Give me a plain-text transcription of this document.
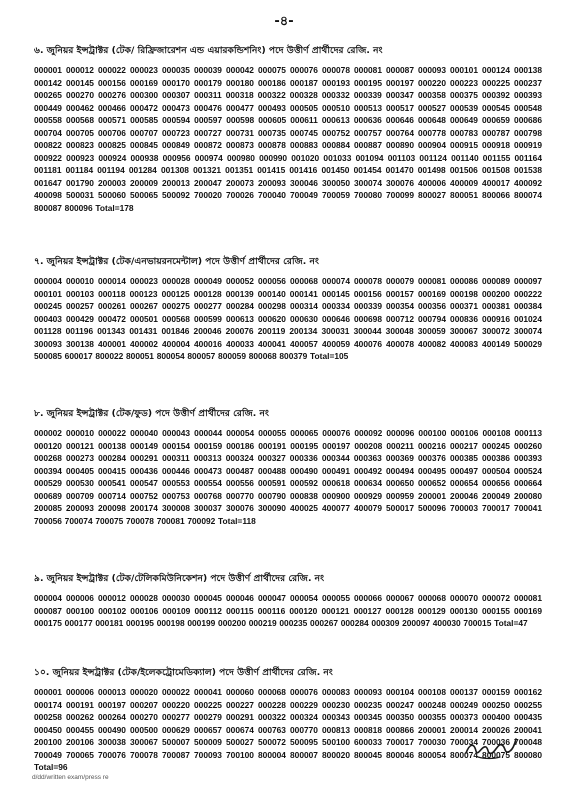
-৪-
৬. জুনিয়র ইন্সট্রাক্টর (টেক/ রিফ্রিজারেশন এন্ড এয়ারকন্ডিশনিং) পদে উত্তীর্ণ প্রার্থীদের রেজি. নং
000001 000012 000022 000023 000035 000039 000042 000075 000076 000078 000081 000087 000093 000101 000124 000138 000142 000145 000156 000169 000170 000179 000180 000186 000187 000193 000195 000197 000220 000223 000225 000237 000265 000270 000276 000300 000307 000311 000318 000322 000328 000332 000339 000347 000358 000375 000392 000393 000449 000462 000466 000472 000473 000476 000477 000493 000505 000510 000513 000517 000527 000539 000545 000548 000558 000568 000571 000585 000594 000597 000598 000605 000611 000613 000636 000646 000648 000649 000659 000686 000704 000705 000706 000707 000723 000727 000731 000735 000745 000752 000757 000764 000778 000783 000787 000798 000822 000823 000825 000845 000849 000872 000873 000878 000883 000884 000887 000890 000904 000915 000918 000919 000922 000923 000924 000938 000956 000974 000980 000990 001020 001033 001094 001103 001124 001140 001155 001164 001181 001184 001194 001284 001308 001321 001351 001415 001416 001450 001454 001470 001498 001506 001508 001538 001647 001790 200003 200009 200013 200047 200073 200093 300046 300050 300074 300076 400006 400009 400017 400092 400098 500031 500060 500065 500092 700020 700026 700040 700049 700059 700080 700099 800027 800051 800066 800074 800087 800096 Total=178
৭. জুনিয়র ইন্সট্রাক্টর (টেক/এনভায়রনমেন্টাল) পদে উত্তীর্ণ প্রার্থীদের রেজি. নং
000004 000010 000014 000023 000028 000049 000052 000056 000068 000074 000078 000079 000081 000086 000089 000097 000101 000103 000118 000123 000125 000128 000139 000140 000141 000145 000156 000157 000169 000198 000200 000222 000245 000257 000261 000267 000275 000277 000284 000298 000314 000334 000339 000354 000356 000371 000381 000384 000403 000429 000472 000501 000568 000599 000613 000620 000630 000646 000698 000712 000794 000836 000916 001024 001128 001196 001343 001431 001846 200046 200076 200119 200134 300031 300044 300048 300059 300067 300072 300074 300093 300138 400001 400002 400004 400016 400033 400041 400057 400059 400076 400078 400082 400083 400149 500029 500085 600017 800022 800051 800054 800057 800059 800068 800379 Total=105
৮. জুনিয়র ইন্সট্রাক্টর (টেক/ফুড) পদে উত্তীর্ণ প্রার্থীদের রেজি. নং
000002 000010 000022 000040 000043 000044 000054 000055 000065 000076 000092 000096 000100 000106 000108 000113 000120 000121 000138 000149 000154 000159 000186 000191 000195 000197 000208 000211 000216 000217 000245 000260 000268 000273 000284 000291 000311 000313 000324 000327 000336 000344 000363 000369 000376 000385 000386 000393 000394 000405 000415 000436 000446 000473 000487 000488 000490 000491 000492 000494 000495 000497 000504 000524 000529 000530 000541 000547 000553 000554 000556 000591 000592 000618 000634 000650 000652 000654 000656 000664 000689 000709 000714 000752 000753 000768 000770 000790 000838 000900 000929 000959 200001 200046 200049 200080 200085 200093 200098 200174 300008 300037 300076 300090 400025 400077 400079 500017 500096 700003 700017 700041 700056 700074 700075 700078 700081 700092 Total=118
৯. জুনিয়র ইন্সট্রাক্টর (টেক/টেলিকমিউনিকেশন) পদে উত্তীর্ণ প্রার্থীদের রেজি. নং
000004 000006 000012 000028 000030 000045 000046 000047 000054 000055 000066 000067 000068 000070 000072 000081 000087 000100 000102 000106 000109 000112 000115 000116 000120 000121 000127 000128 000129 000130 000155 000169 000175 000177 000181 000195 000198 000199 000200 000219 000235 000267 000284 000309 200097 400030 700015 Total=47
১০. জুনিয়র ইন্সট্রাক্টর (টেক/ইলেকট্রোমেডিক্যাল) পদে উত্তীর্ণ প্রার্থীদের রেজি. নং
000001 000006 000013 000020 000022 000041 000060 000068 000076 000083 000093 000104 000108 000137 000159 000162 000174 000191 000197 000207 000220 000225 000227 000228 000229 000230 000235 000247 000248 000249 000250 000255 000258 000262 000264 000270 000277 000279 000291 000322 000324 000343 000345 000350 000355 000373 000400 000435 000450 000455 000490 000500 000629 000657 000674 000763 000770 000813 000818 000866 200001 200014 200026 200041 200100 200106 300038 300067 500007 500009 500027 500072 500095 500100 600033 700017 700030 700034 700036 700048 700049 700065 700076 700078 700087 700093 700100 800004 800007 800020 800045 800046 800054 800074 800075 800080 Total=96
d/dd/written exam/press re
